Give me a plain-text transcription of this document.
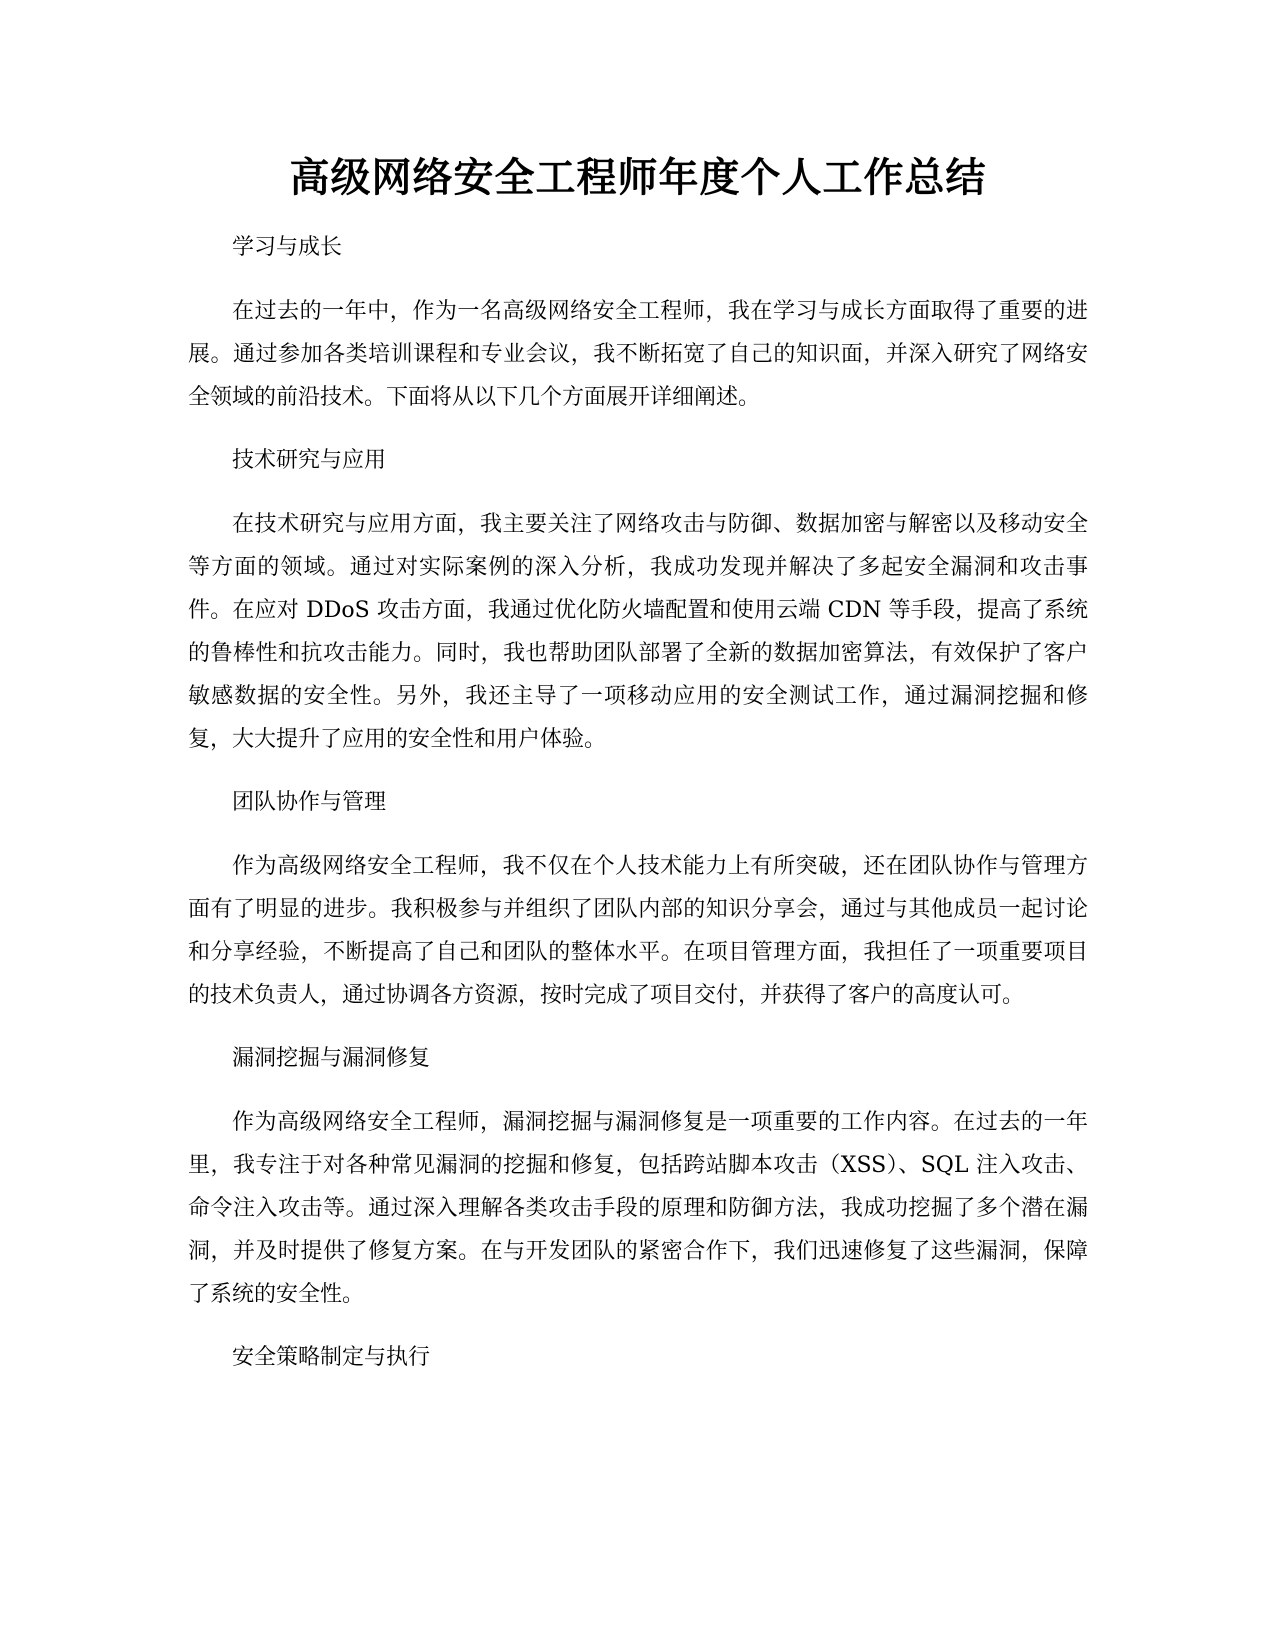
高级网络安全工程师年度个人工作总结
学习与成长

在过去的一年中，作为一名高级网络安全工程师，我在学习与成长方面取得了重要的进展。通过参加各类培训课程和专业会议，我不断拓宽了自己的知识面，并深入研究了网络安全领域的前沿技术。下面将从以下几个方面展开详细阐述。

技术研究与应用

在技术研究与应用方面，我主要关注了网络攻击与防御、数据加密与解密以及移动安全等方面的领域。通过对实际案例的深入分析，我成功发现并解决了多起安全漏洞和攻击事件。在应对 DDoS 攻击方面，我通过优化防火墙配置和使用云端 CDN 等手段，提高了系统的鲁棒性和抗攻击能力。同时，我也帮助团队部署了全新的数据加密算法，有效保护了客户敏感数据的安全性。另外，我还主导了一项移动应用的安全测试工作，通过漏洞挖掘和修复，大大提升了应用的安全性和用户体验。

团队协作与管理

作为高级网络安全工程师，我不仅在个人技术能力上有所突破，还在团队协作与管理方面有了明显的进步。我积极参与并组织了团队内部的知识分享会，通过与其他成员一起讨论和分享经验，不断提高了自己和团队的整体水平。在项目管理方面，我担任了一项重要项目的技术负责人，通过协调各方资源，按时完成了项目交付，并获得了客户的高度认可。

漏洞挖掘与漏洞修复

作为高级网络安全工程师，漏洞挖掘与漏洞修复是一项重要的工作内容。在过去的一年里，我专注于对各种常见漏洞的挖掘和修复，包括跨站脚本攻击（XSS）、SQL 注入攻击、命令注入攻击等。通过深入理解各类攻击手段的原理和防御方法，我成功挖掘了多个潜在漏洞，并及时提供了修复方案。在与开发团队的紧密合作下，我们迅速修复了这些漏洞，保障了系统的安全性。

安全策略制定与执行
